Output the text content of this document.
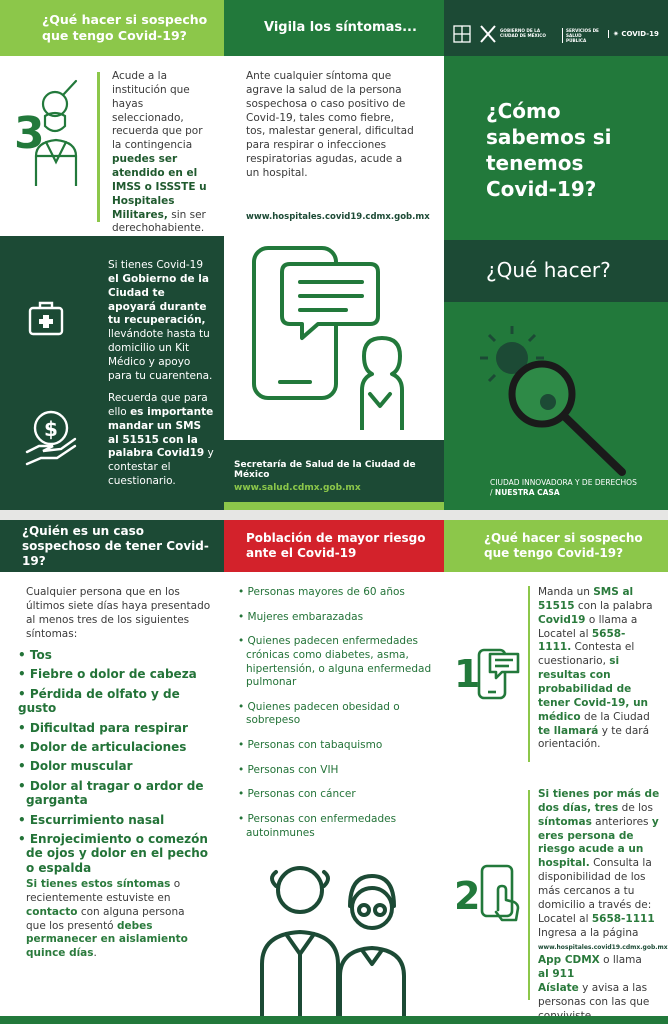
¿Qué hacer si sospecho que tengo Covid-19?
3
Acude a la institución que hayas seleccionado, recuerda que por la contingencia puedes ser atendido en el IMSS o ISSSTE u Hospitales Militares, sin ser derechohabiente.
Si tienes Covid-19 el Gobierno de la Ciudad te apoyará durante tu recuperación, llevándote hasta tu domicilio un Kit Médico y apoyo para tu cuarentena.
$
Recuerda que para ello es importante mandar un SMS al 51515 con la palabra Covid19 y contestar el cuestionario.
Vigila los síntomas...
Ante cualquier síntoma que agrave la salud de la persona sospechosa o caso positivo de Covid-19, tales como fiebre, tos, malestar general, dificultad para respirar o infecciones respiratorias agudas, acude a un hospital.
www.hospitales.covid19.cdmx.gob.mx
Secretaría de Salud de la Ciudad de México
www.salud.cdmx.gob.mx
GOBIERNO DE LA CIUDAD DE MÉXICO
SERVICIOS DE SALUD PÚBLICA
✷ COVID-19
¿Cómo sabemos si tenemos Covid-19?
¿Qué hacer?
CIUDAD INNOVADORA Y DE DERECHOS / NUESTRA CASA
¿Quién es un caso sospechoso de tener Covid-19?
Población de mayor riesgo ante el Covid-19
¿Qué hacer si sospecho que tengo Covid-19?
Cualquier persona que en los últimos siete días haya presentado al menos tres de los siguientes síntomas:
• Tos
• Fiebre o dolor de cabeza
• Pérdida de olfato y de gusto
• Dificultad para respirar
• Dolor de articulaciones
• Dolor muscular
• Dolor al tragar o ardor de garganta
• Escurrimiento nasal
• Enrojecimiento o comezón de ojos y dolor en el pecho o espalda
Si tienes estos síntomas o recientemente estuviste en contacto con alguna persona que los presentó debes permanecer en aislamiento quince días.
• Personas mayores de 60 años
• Mujeres embarazadas
• Quienes padecen enfermedades crónicas como diabetes, asma, hipertensión, o alguna enfermedad pulmonar
• Quienes padecen obesidad o sobrepeso
• Personas con tabaquismo
• Personas con VIH
• Personas con cáncer
• Personas con enfermedades autoinmunes
1
Manda un SMS al 51515 con la palabra Covid19 o llama a Locatel al 5658-1111. Contesta el cuestionario, si resultas con probabilidad de tener Covid-19, un médico de la Ciudad te llamará y te dará orientación.
2
Si tienes por más de dos días, tres de los síntomas anteriores y eres persona de riesgo acude a un hospital. Consulta la disponibilidad de los más cercanos a tu domicilio a través de: Locatel al 5658-1111 Ingresa a la página
www.hospitales.covid19.cdmx.gob.mx
App CDMX o llama
al 911
Aíslate y avisa a las personas con las que
